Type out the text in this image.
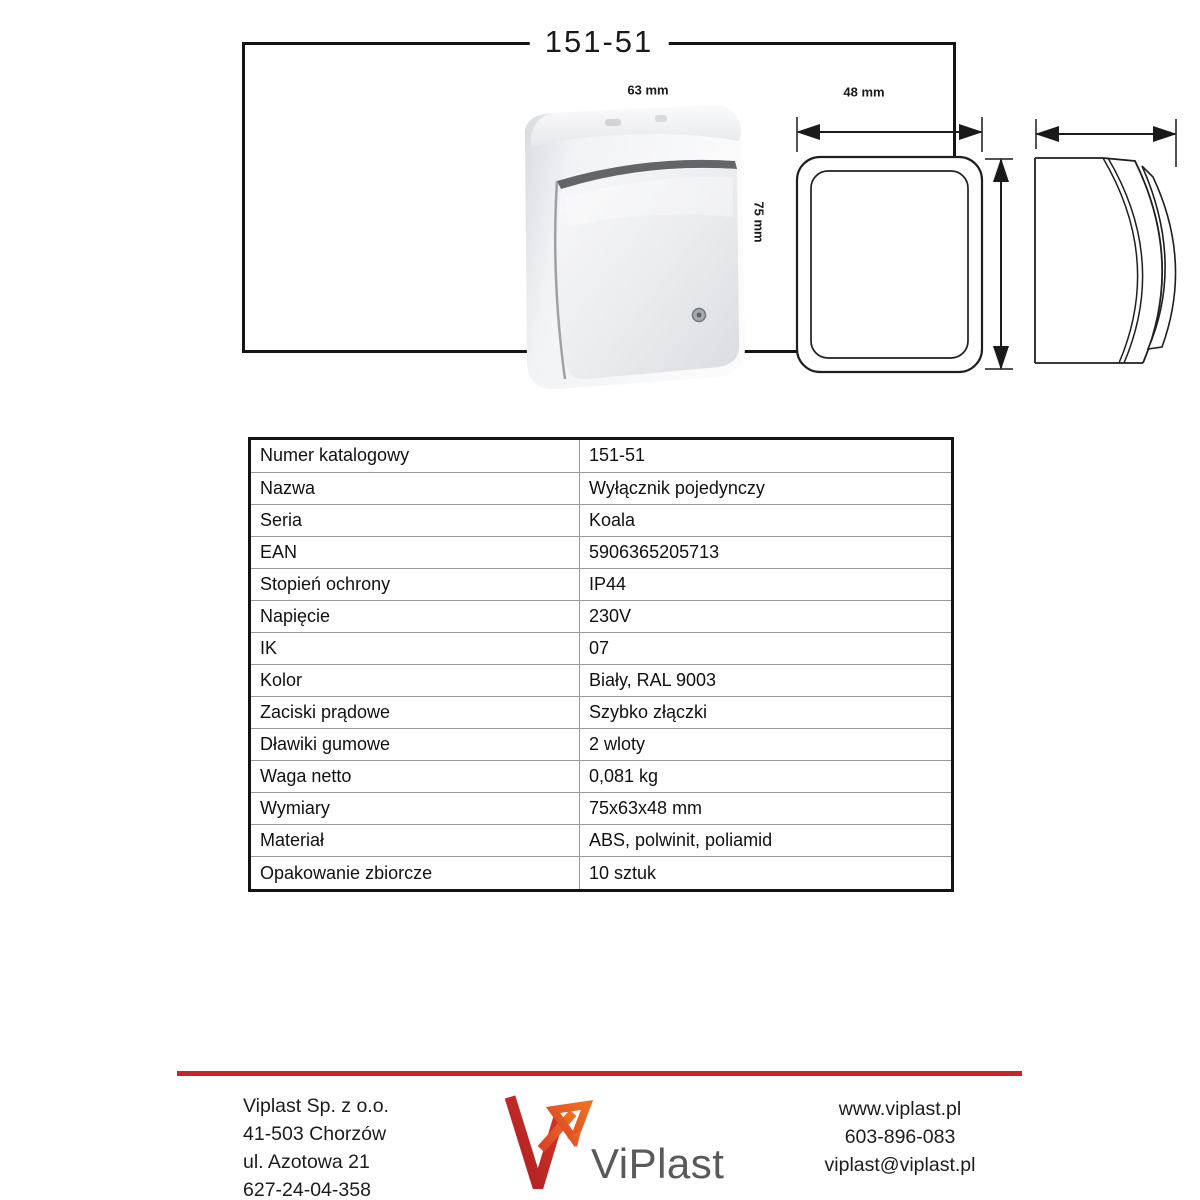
151-51
63 mm
75 mm
48 mm
Numer katalogowy	151-51
Nazwa	Wyłącznik pojedynczy
Seria	Koala
EAN	5906365205713
Stopień ochrony	IP44
Napięcie	230V
IK	07
Kolor	Biały, RAL 9003
Zaciski prądowe	Szybko złączki
Dławiki gumowe	2 wloty
Waga netto	0,081 kg
Wymiary	75x63x48 mm
Materiał	ABS, polwinit, poliamid
Opakowanie zbiorcze	10 sztuk
Viplast Sp. z o.o.
41-503 Chorzów
ul. Azotowa 21
627-24-04-358
ViPlast
www.viplast.pl
603-896-083
viplast@viplast.pl
